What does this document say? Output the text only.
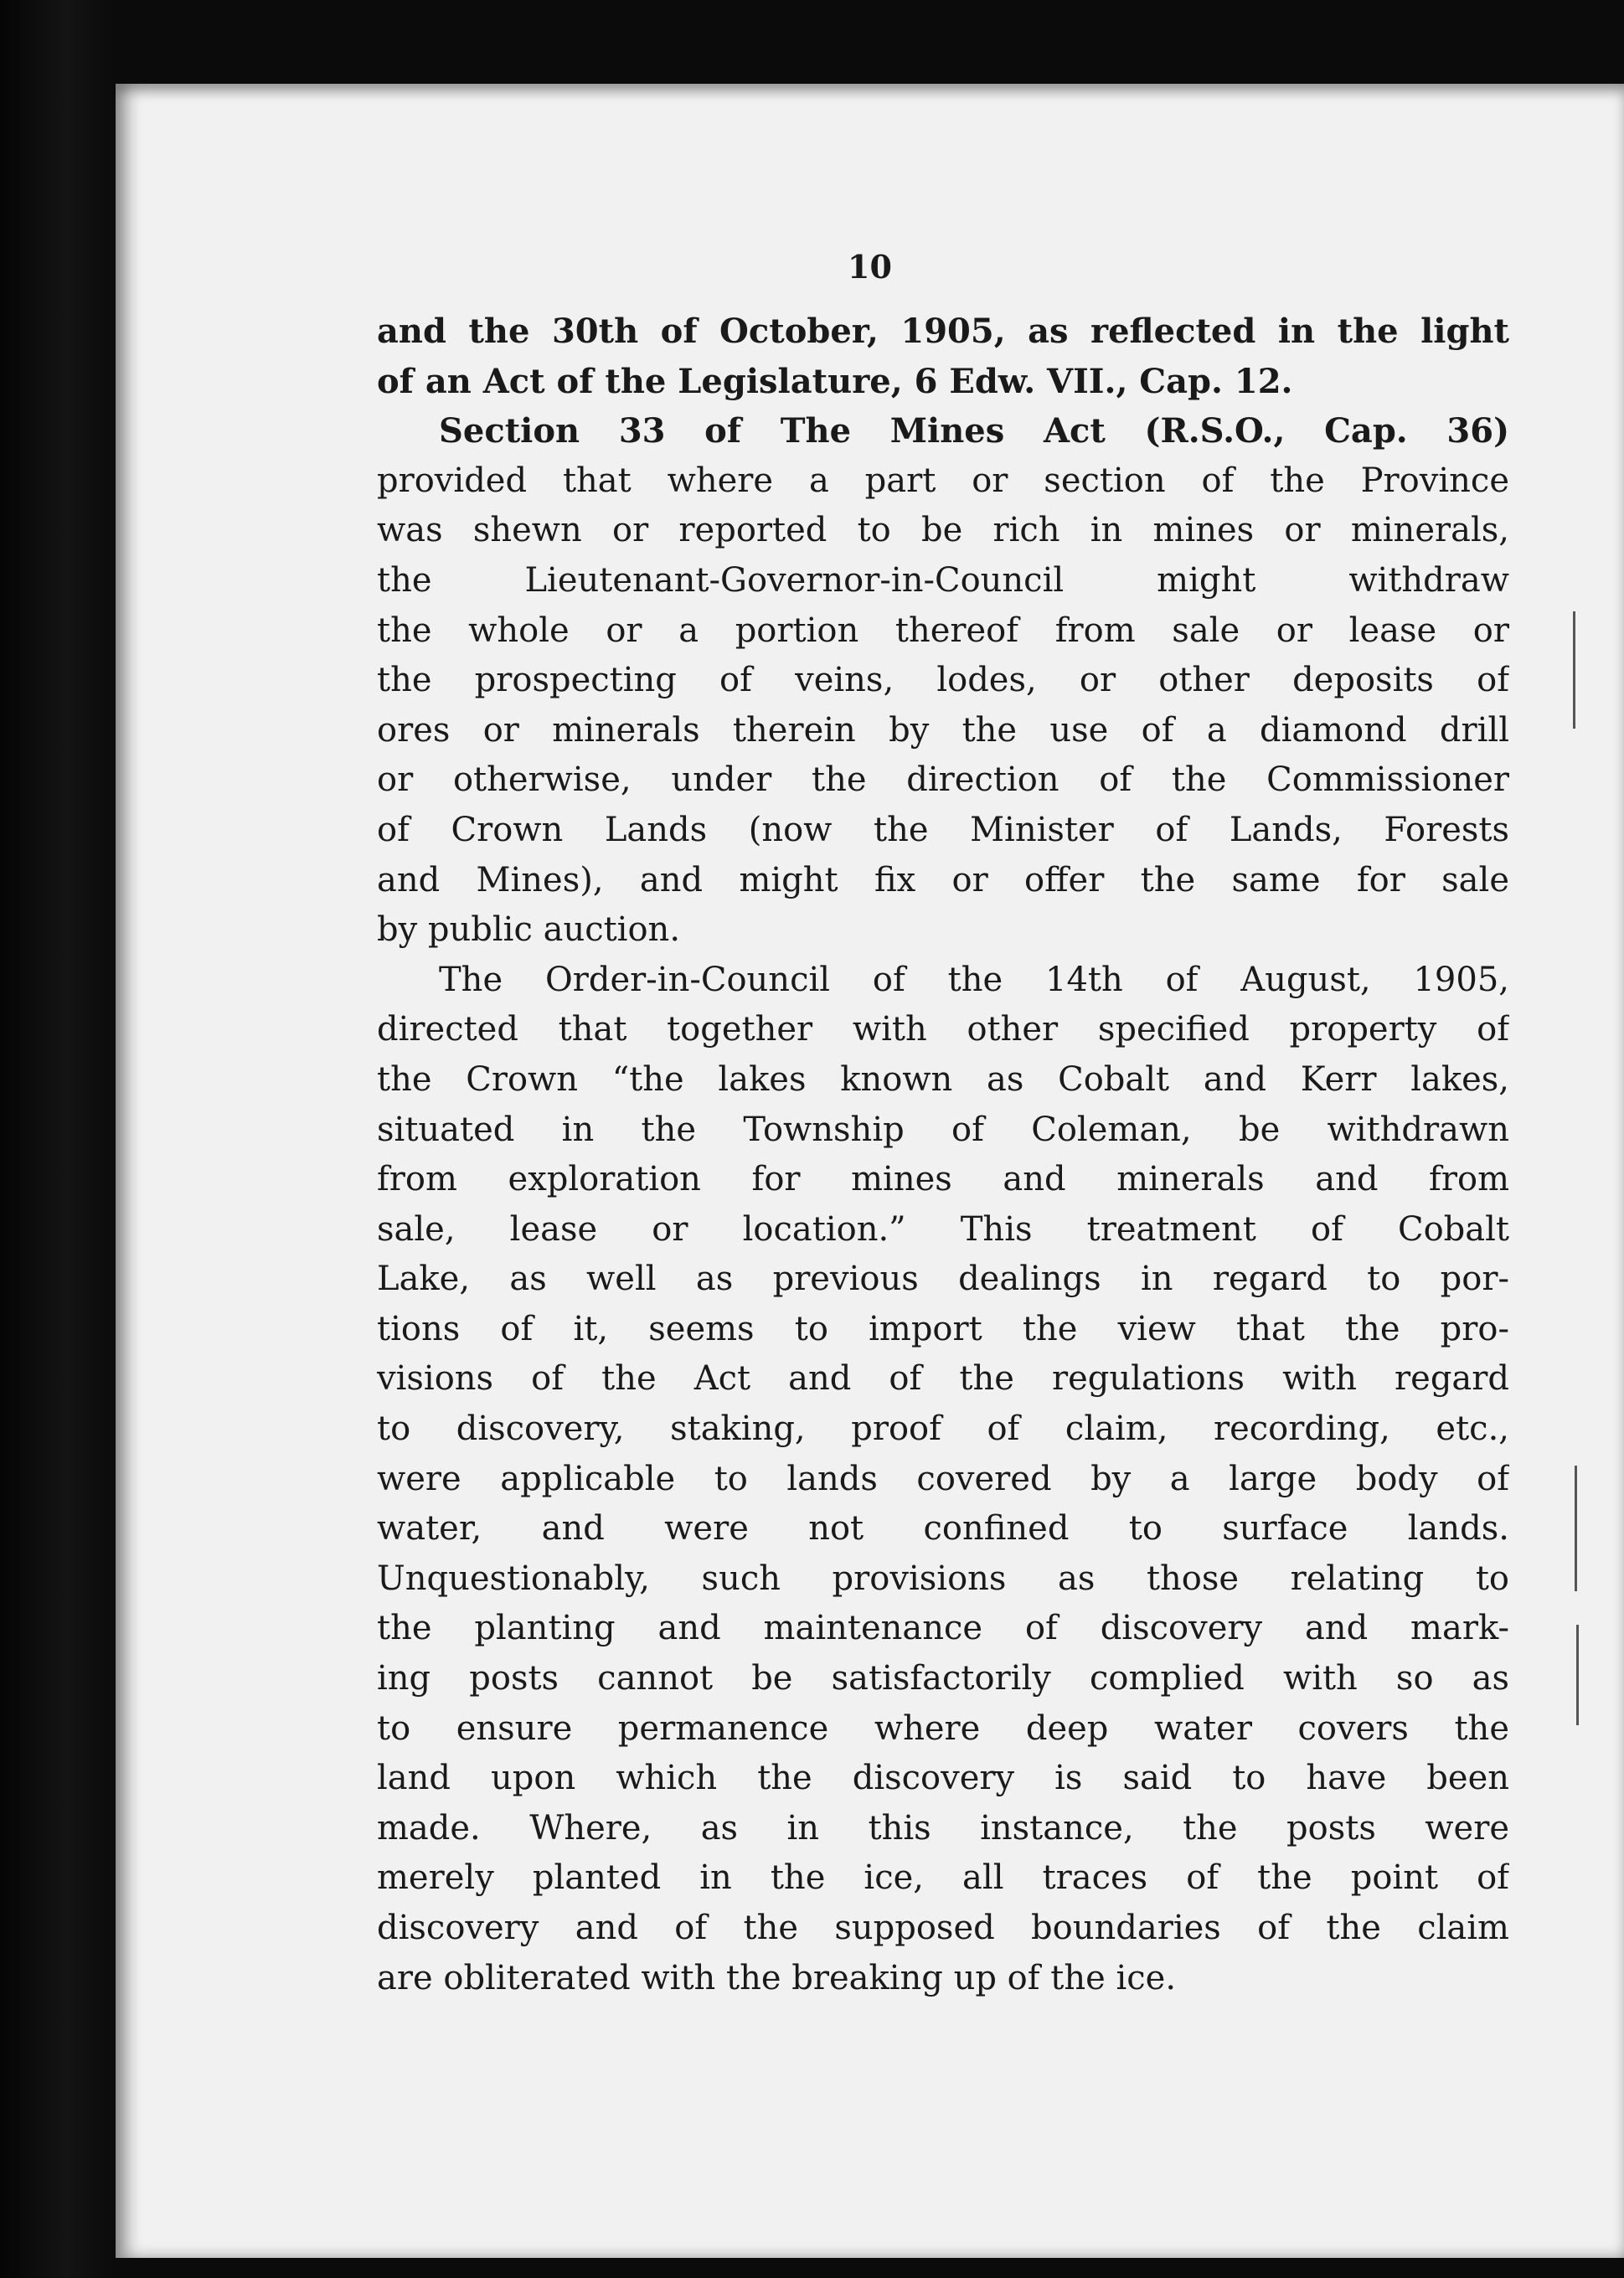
10
and the 30th of October, 1905, as reflected in the light
of an Act of the Legislature, 6 Edw. VII., Cap. 12.
Section 33 of The Mines Act (R.S.O., Cap. 36)
provided that where a part or section of the Province
was shewn or reported to be rich in mines or minerals,
the Lieutenant-Governor-in-Council might withdraw
the whole or a portion thereof from sale or lease or
the prospecting of veins, lodes, or other deposits of
ores or minerals therein by the use of a diamond drill
or otherwise, under the direction of the Commissioner
of Crown Lands (now the Minister of Lands, Forests
and Mines), and might fix or offer the same for sale
by public auction.
The Order-in-Council of the 14th of August, 1905,
directed that together with other specified property of
the Crown “the lakes known as Cobalt and Kerr lakes,
situated in the Township of Coleman, be withdrawn
from exploration for mines and minerals and from
sale, lease or location.” This treatment of Cobalt
Lake, as well as previous dealings in regard to por-
tions of it, seems to import the view that the pro-
visions of the Act and of the regulations with regard
to discovery, staking, proof of claim, recording, etc.,
were applicable to lands covered by a large body of
water, and were not confined to surface lands.
Unquestionably, such provisions as those relating to
the planting and maintenance of discovery and mark-
ing posts cannot be satisfactorily complied with so as
to ensure permanence where deep water covers the
land upon which the discovery is said to have been
made. Where, as in this instance, the posts were
merely planted in the ice, all traces of the point of
discovery and of the supposed boundaries of the claim
are obliterated with the breaking up of the ice.
